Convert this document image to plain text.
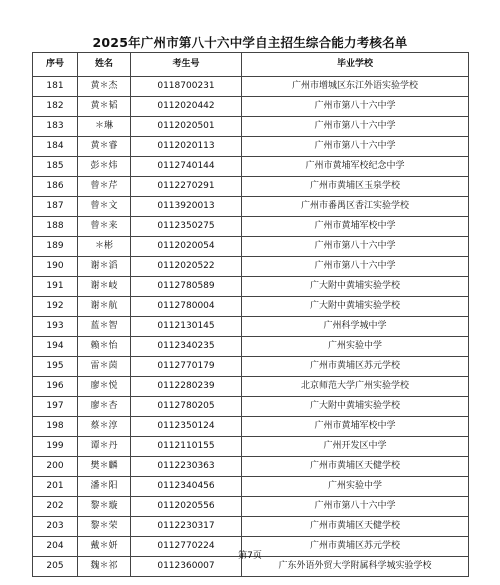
2025年广州市第八十六中学自主招生综合能力考核名单
序号	姓名	考生号	毕业学校
181	黄＊杰	0118700231	广州市增城区东江外语实验学校
182	黄＊韬	0112020442	广州市第八十六中学
183	＊琳	0112020501	广州市第八十六中学
184	黄＊睿	0112020113	广州市第八十六中学
185	彭＊炜	0112740144	广州市黄埔军校纪念中学
186	曾＊芹	0112270291	广州市黄埔区玉泉学校
187	曾＊文	0113920013	广州市番禺区香江实验学校
188	曾＊来	0112350275	广州市黄埔军校中学
189	＊彬	0112020054	广州市第八十六中学
190	谢＊滔	0112020522	广州市第八十六中学
191	谢＊岐	0112780589	广大附中黄埔实验学校
192	谢＊航	0112780004	广大附中黄埔实验学校
193	蓝＊智	0112130145	广州科学城中学
194	赖＊怡	0112340235	广州实验中学
195	雷＊茵	0112770179	广州市黄埔区苏元学校
196	廖＊悦	0112280239	北京师范大学广州实验学校
197	廖＊杏	0112780205	广大附中黄埔实验学校
198	蔡＊淳	0112350124	广州市黄埔军校中学
199	谭＊丹	0112110155	广州开发区中学
200	樊＊麟	0112230363	广州市黄埔区天健学校
201	潘＊阳	0112340456	广州实验中学
202	黎＊璇	0112020556	广州市第八十六中学
203	黎＊荣	0112230317	广州市黄埔区天健学校
204	戴＊妍	0112770224	广州市黄埔区苏元学校
205	魏＊祁	0112360007	广东外语外贸大学附属科学城实验学校
第7页
